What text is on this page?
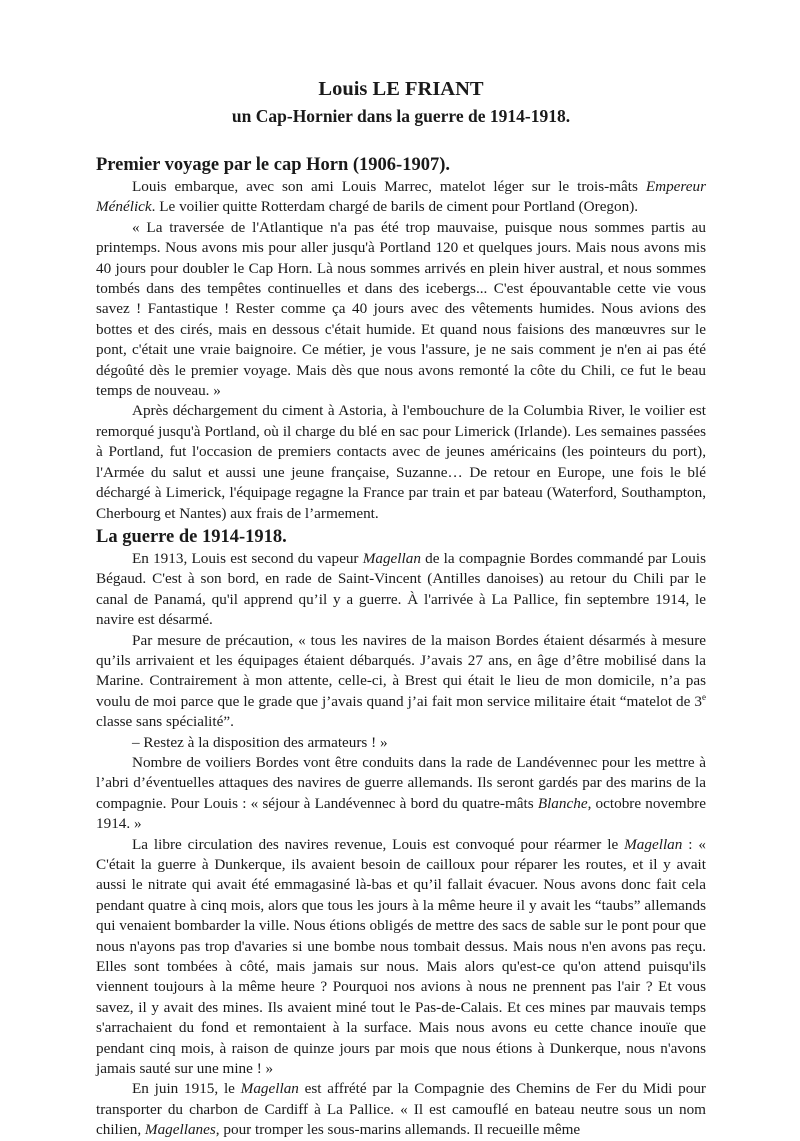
Louis LE FRIANT
un Cap-Hornier dans la guerre de 1914-1918.
Premier voyage par le cap Horn (1906-1907).

Louis embarque, avec son ami Louis Marrec, matelot léger sur le trois-mâts Empereur Ménélick. Le voilier quitte Rotterdam chargé de barils de ciment pour Portland (Oregon).

« La traversée de l'Atlantique n'a pas été trop mauvaise, puisque nous sommes partis au printemps. Nous avons mis pour aller jusqu'à Portland 120 et quelques jours. Mais nous avons mis 40 jours pour doubler le Cap Horn. Là nous sommes arrivés en plein hiver austral, et nous sommes tombés dans des tempêtes continuelles et dans des icebergs... C'est épouvantable cette vie vous savez ! Fantastique ! Rester comme ça 40 jours avec des vêtements humides. Nous avions des bottes et des cirés, mais en dessous c'était humide. Et quand nous faisions des manœuvres sur le pont, c'était une vraie baignoire. Ce métier, je vous l'assure, je ne sais comment je n'en ai pas été dégoûté dès le premier voyage. Mais dès que nous avons remonté la côte du Chili, ce fut le beau temps de nouveau. »

Après déchargement du ciment à Astoria, à l'embouchure de la Columbia River, le voilier est remorqué jusqu'à Portland, où il charge du blé en sac pour Limerick (Irlande). Les semaines passées à Portland, fut l'occasion de premiers contacts avec de jeunes américains (les pointeurs du port), l'Armée du salut et aussi une jeune française, Suzanne… De retour en Europe, une fois le blé déchargé à Limerick, l'équipage regagne la France par train et par bateau (Waterford, Southampton, Cherbourg et Nantes) aux frais de l’armement.

La guerre de 1914-1918.

En 1913, Louis est second du vapeur Magellan de la compagnie Bordes commandé par Louis Bégaud. C'est à son bord, en rade de Saint-Vincent (Antilles danoises) au retour du Chili par le canal de Panamá, qu'il apprend qu’il y a guerre. À l'arrivée à La Pallice, fin septembre 1914, le navire est désarmé.

Par mesure de précaution, « tous les navires de la maison Bordes étaient désarmés à mesure qu’ils arrivaient et les équipages étaient débarqués. J’avais 27 ans, en âge d’être mobilisé dans la Marine. Contrairement à mon attente, celle-ci, à Brest qui était le lieu de mon domicile, n’a pas voulu de moi parce que le grade que j’avais quand j’ai fait mon service militaire était “matelot de 3e classe sans spécialité”.

– Restez à la disposition des armateurs ! »

Nombre de voiliers Bordes vont être conduits dans la rade de Landévennec pour les mettre à l’abri d’éventuelles attaques des navires de guerre allemands. Ils seront gardés par des marins de la compagnie. Pour Louis : « séjour à Landévennec à bord du quatre-mâts Blanche, octobre novembre 1914. »

La libre circulation des navires revenue, Louis est convoqué pour réarmer le Magellan : « C'était la guerre à Dunkerque, ils avaient besoin de cailloux pour réparer les routes, et il y avait aussi le nitrate qui avait été emmagasiné là-bas et qu’il fallait évacuer. Nous avons donc fait cela pendant quatre à cinq mois, alors que tous les jours à la même heure il y avait les “taubs” allemands qui venaient bombarder la ville. Nous étions obligés de mettre des sacs de sable sur le pont pour que nous n'ayons pas trop d'avaries si une bombe nous tombait dessus. Mais nous n'en avons pas reçu. Elles sont tombées à côté, mais jamais sur nous. Mais alors qu'est-ce qu'on attend puisqu'ils viennent toujours à la même heure ? Pourquoi nos avions à nous ne prennent pas l'air ? Et vous savez, il y avait des mines. Ils avaient miné tout le Pas-de-Calais. Et ces mines par mauvais temps s'arrachaient du fond et remontaient à la surface. Mais nous avons eu cette chance inouïe que pendant cinq mois, à raison de quinze jours par mois que nous étions à Dunkerque, nous n'avons jamais sauté sur une mine ! »

En juin 1915, le Magellan est affrété par la Compagnie des Chemins de Fer du Midi pour transporter du charbon de Cardiff à La Pallice. « Il est camouflé en bateau neutre sous un nom chilien, Magellanes, pour tromper les sous-marins allemands. Il recueille même
